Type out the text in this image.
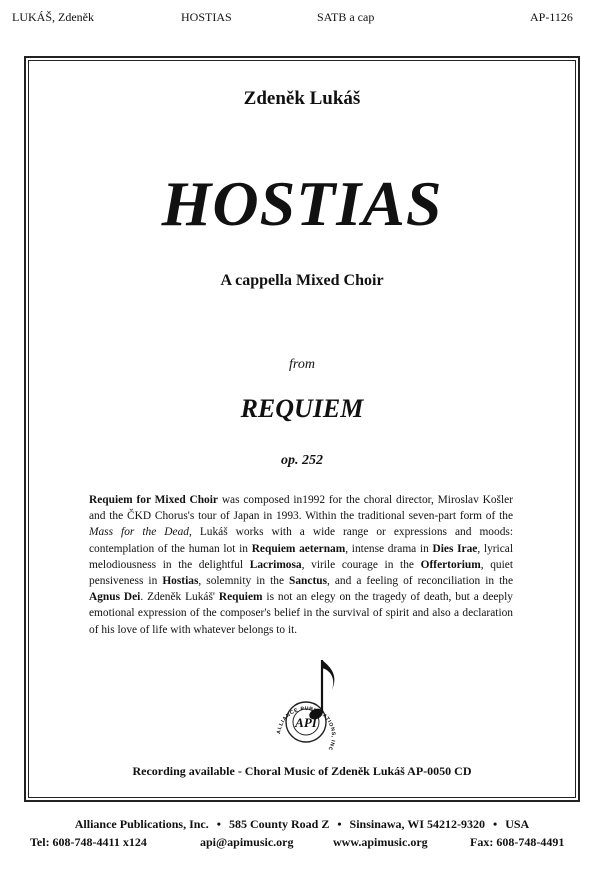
LUKÁŠ, Zdeněk	HOSTIAS	SATB a cap	AP-1126
Zdeněk Lukáš
HOSTIAS
A cappella Mixed Choir
from
REQUIEM
op. 252
Requiem for Mixed Choir was composed in1992 for the choral director, Miroslav Košler and the ČKD Chorus's tour of Japan in 1993. Within the traditional seven-part form of the Mass for the Dead, Lukáš works with a wide range or expressions and moods: contemplation of the human lot in Requiem aeternam, intense drama in Dies Irae, lyrical melodiousness in the delightful Lacrimosa, virile courage in the Offertorium, quiet pensiveness in Hostias, solemnity in the Sanctus, and a feeling of reconciliation in the Agnus Dei. Zdeněk Lukáš' Requiem is not an elegy on the tragedy of death, but a deeply emotional expression of the composer's belief in the survival of spirit and also a declaration of his love of life with whatever belongs to it.
API
ALLIANCE PUBLICATIONS, INC
Recording available - Choral Music of Zdeněk Lukáš AP-0050 CD
Alliance Publications, Inc. • 585 County Road Z • Sinsinawa, WI 54212-9320 • USA
Tel: 608-748-4411 x124	api@apimusic.org	www.apimusic.org	Fax: 608-748-4491
